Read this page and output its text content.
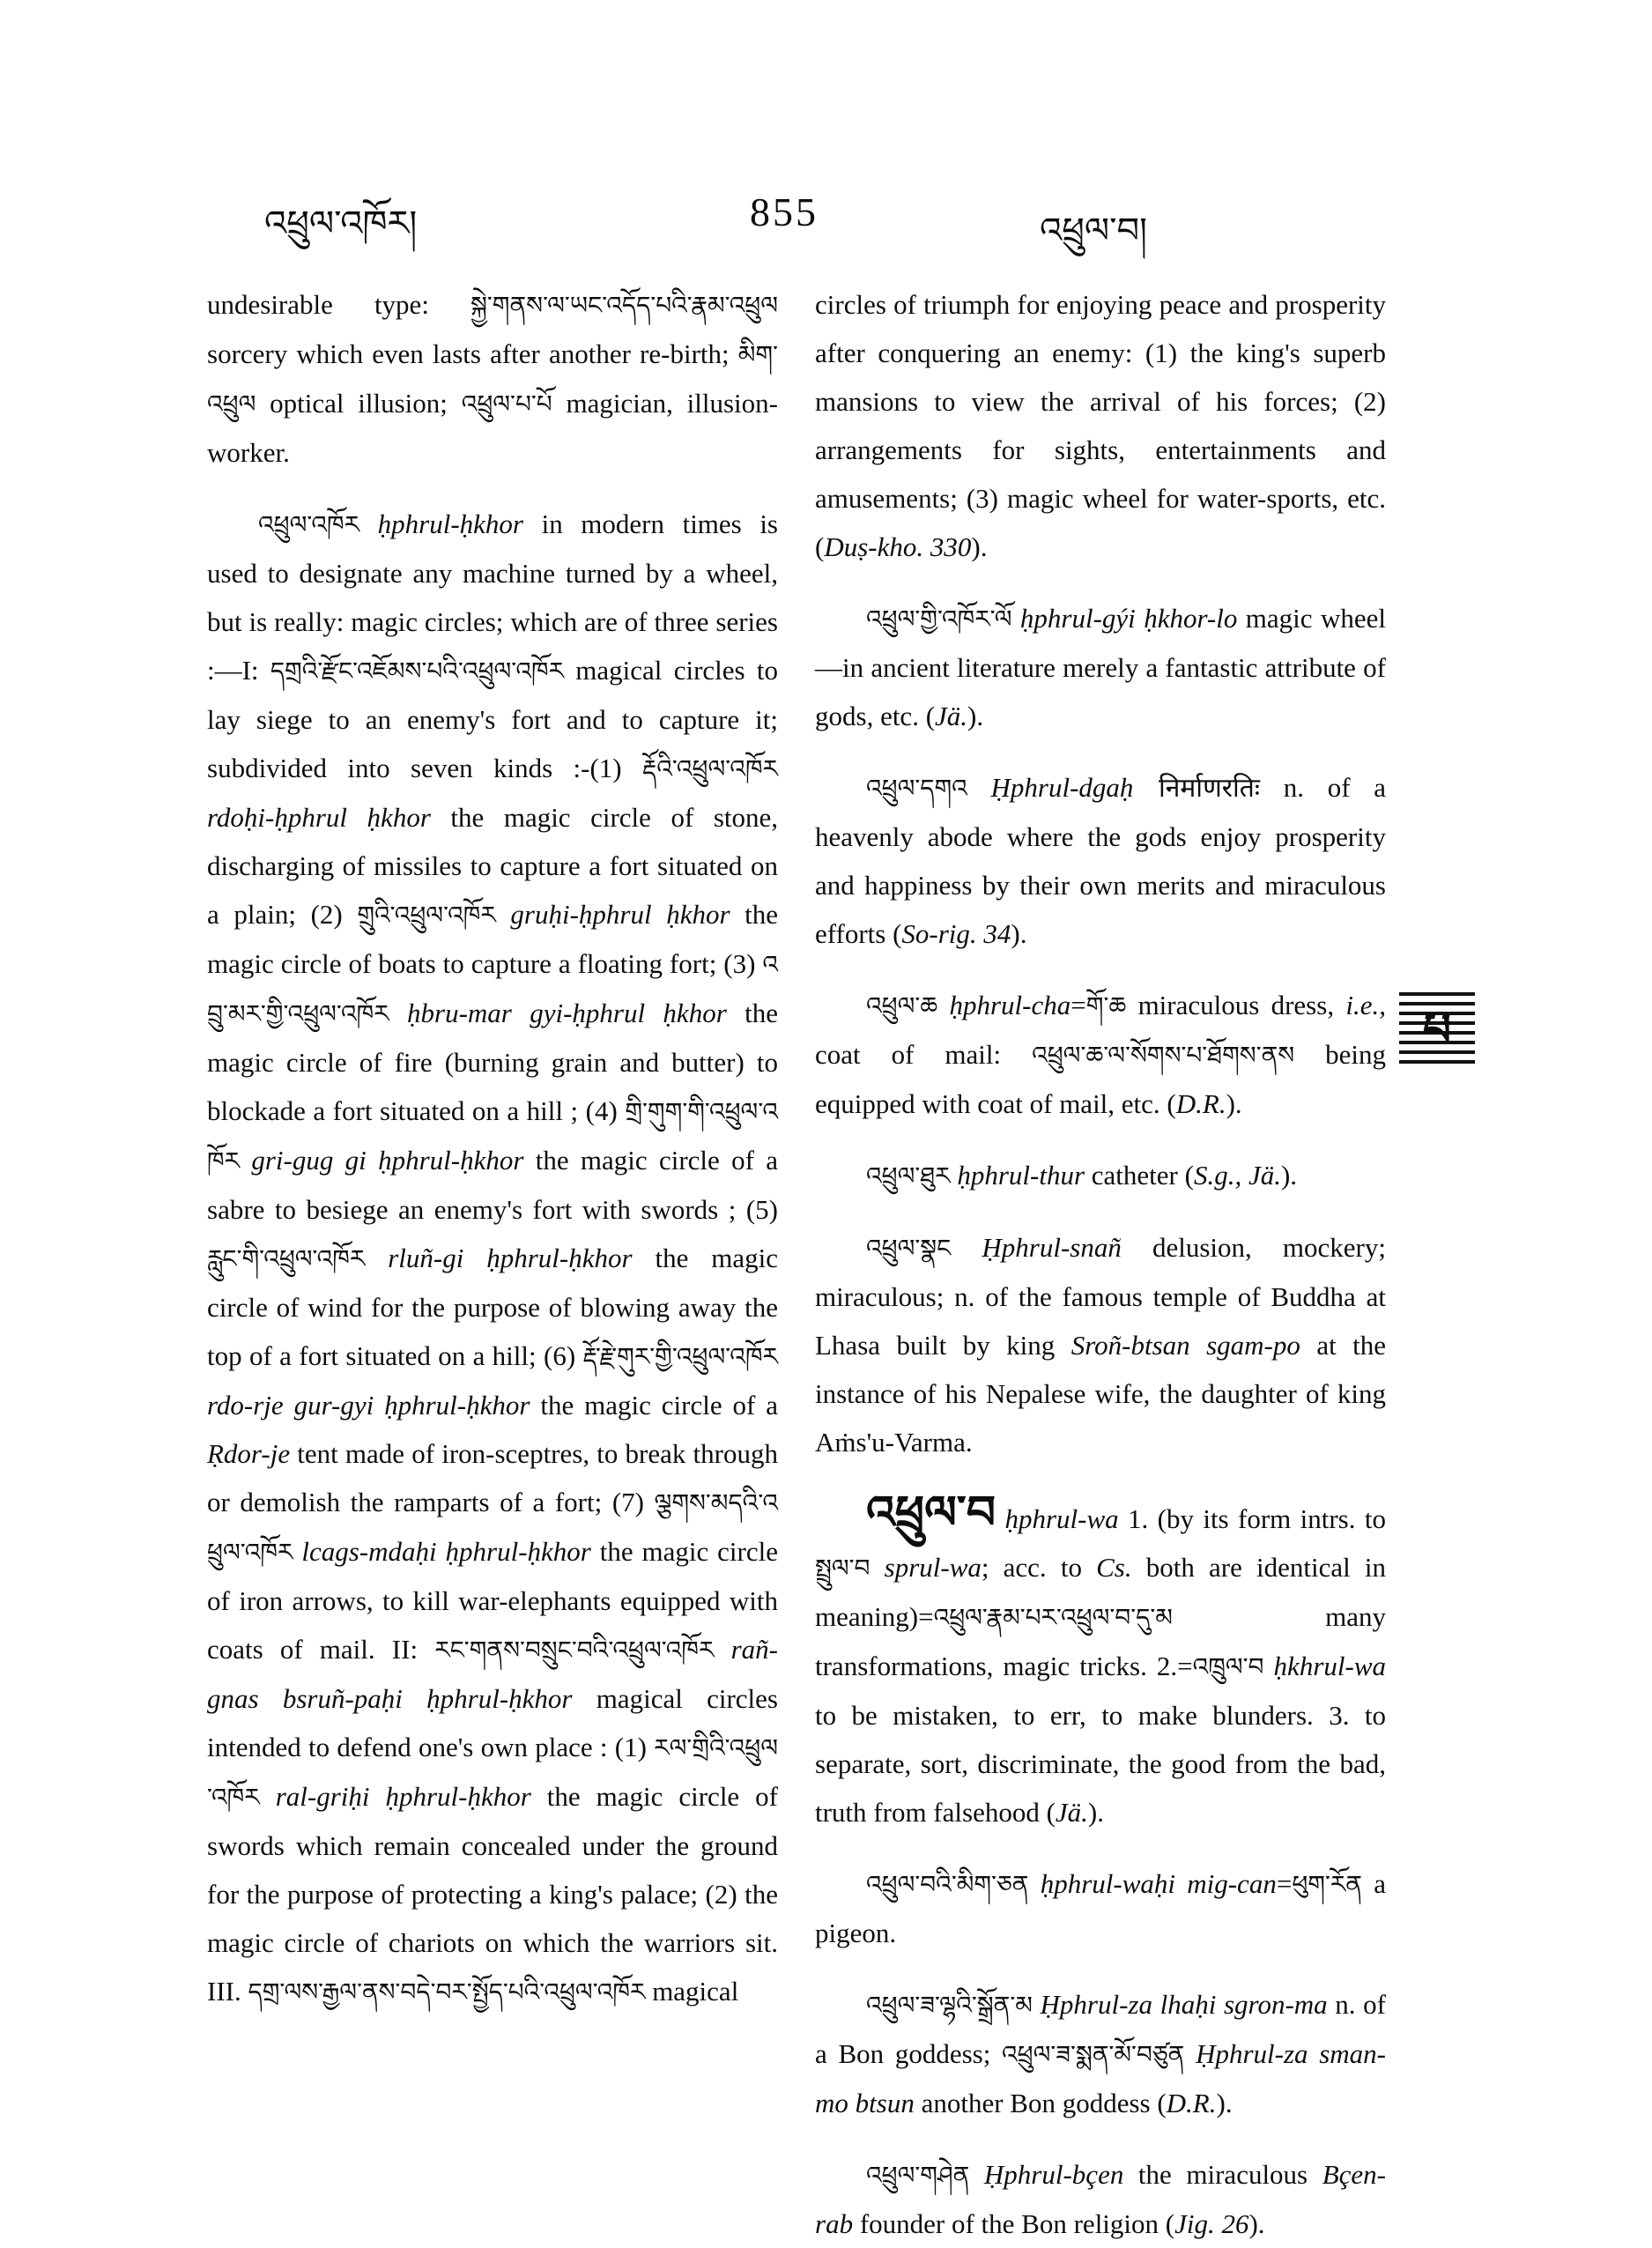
འཕྲུལ་འཁོར།	855	འཕྲུལ་བ།

undesirable type: སྐྱེ་གནས་ལ་ཡང་འདོད་པའི་རྣམ་འཕྲུལ sorcery which even lasts after another re-birth; མིག་འཕྲུལ optical illusion; འཕྲུལ་པ་པོ magician, illusion-worker.

འཕྲུལ་འཁོར ḥphrul-ḥkhor in modern times is used to designate any machine turned by a wheel, but is really: magic circles; which are of three series :—I: དགྲའི་རྫོང་འཇོམས་པའི་འཕྲུལ་འཁོར magical circles to lay siege to an enemy's fort and to capture it; subdivided into seven kinds :-(1) རྡོའི་འཕྲུལ་འཁོར rdoḥi-ḥphrul ḥkhor the magic circle of stone, discharging of missiles to capture a fort situated on a plain; (2) གྲུའི་འཕྲུལ་འཁོར gruḥi-ḥphrul ḥkhor the magic circle of boats to capture a floating fort; (3) འབྲུ་མར་གྱི་འཕྲུལ་འཁོར ḥbru-mar gyi-ḥphrul ḥkhor the magic circle of fire (burning grain and butter) to blockade a fort situated on a hill ; (4) གྲི་གུག་གི་འཕྲུལ་འཁོར gri-gug gi ḥphrul-ḥkhor the magic circle of a sabre to besiege an enemy's fort with swords ; (5) རླུང་གི་འཕྲུལ་འཁོར rluñ-gi ḥphrul-ḥkhor the magic circle of wind for the purpose of blowing away the top of a fort situated on a hill; (6) རྡོ་རྗེ་གུར་གྱི་འཕྲུལ་འཁོར rdo-rje gur-gyi ḥphrul-ḥkhor the magic circle of a Ṛdor-je tent made of iron-sceptres, to break through or demolish the ramparts of a fort; (7) ལྕགས་མདའི་འཕྲུལ་འཁོར lcags-mdaḥi ḥphrul-ḥkhor the magic circle of iron arrows, to kill war-elephants equipped with coats of mail. II: རང་གནས་བསྲུང་བའི་འཕྲུལ་འཁོར rañ-gnas bsruñ-paḥi ḥphrul-ḥkhor magical circles intended to defend one's own place : (1) རལ་གྲིའི་འཕྲུལ་འཁོར ral-griḥi ḥphrul-ḥkhor the magic circle of swords which remain concealed under the ground for the purpose of protecting a king's palace; (2) the magic circle of chariots on which the warriors sit. III. དགྲ་ལས་རྒྱལ་ནས་བདེ་བར་སྤྱོད་པའི་འཕྲུལ་འཁོར magical

circles of triumph for enjoying peace and prosperity after conquering an enemy: (1) the king's superb mansions to view the arrival of his forces; (2) arrangements for sights, entertainments and amusements; (3) magic wheel for water-sports, etc. (Duṣ-kho. 330).

འཕྲུལ་གྱི་འཁོར་ལོ ḥphrul-gýi ḥkhor-lo magic wheel—in ancient literature merely a fantastic attribute of gods, etc. (Jä.).

འཕྲུལ་དགའ Ḥphrul-dgaḥ निर्माणरतिः n. of a heavenly abode where the gods enjoy prosperity and happiness by their own merits and miraculous efforts (So-rig. 34).

འཕྲུལ་ཆ ḥphrul-cha=གོ་ཆ miraculous dress, i.e., coat of mail: འཕྲུལ་ཆ་ལ་སོགས་པ་ཐོགས་ནས being equipped with coat of mail, etc. (D.R.).

འཕྲུལ་ཐུར ḥphrul-thur catheter (S.g., Jä.).

འཕྲུལ་སྣང Ḥphrul-snañ delusion, mockery; miraculous; n. of the famous temple of Buddha at Lhasa built by king Sroñ-btsan sgam-po at the instance of his Nepalese wife, the daughter of king Aṁs'u-Varma.

འཕྲུལ་བ ḥphrul-wa 1. (by its form intrs. to སྤྲུལ་བ sprul-wa; acc. to Cs. both are identical in meaning)=འཕྲུལ་རྣམ་པར་འཕྲུལ་བ་དུ་མ many transformations, magic tricks. 2.=འཁྲུལ་བ ḥkhrul-wa to be mistaken, to err, to make blunders. 3. to separate, sort, discriminate, the good from the bad, truth from falsehood (Jä.).

འཕྲུལ་བའི་མིག་ཅན ḥphrul-waḥi mig-can=ཕུག་རོན a pigeon.

འཕྲུལ་ཟ་ལྷའི་སྒྲོན་མ Ḥphrul-za lhaḥi sgron-ma n. of a Bon goddess; འཕྲུལ་ཟ་སྨན་མོ་བཙུན Ḥphrul-za sman-mo btsun another Bon goddess (D.R.).

འཕྲུལ་གཤེན Ḥphrul-bçen the miraculous Bçen-rab founder of the Bon religion (Jig. 26).

པ
